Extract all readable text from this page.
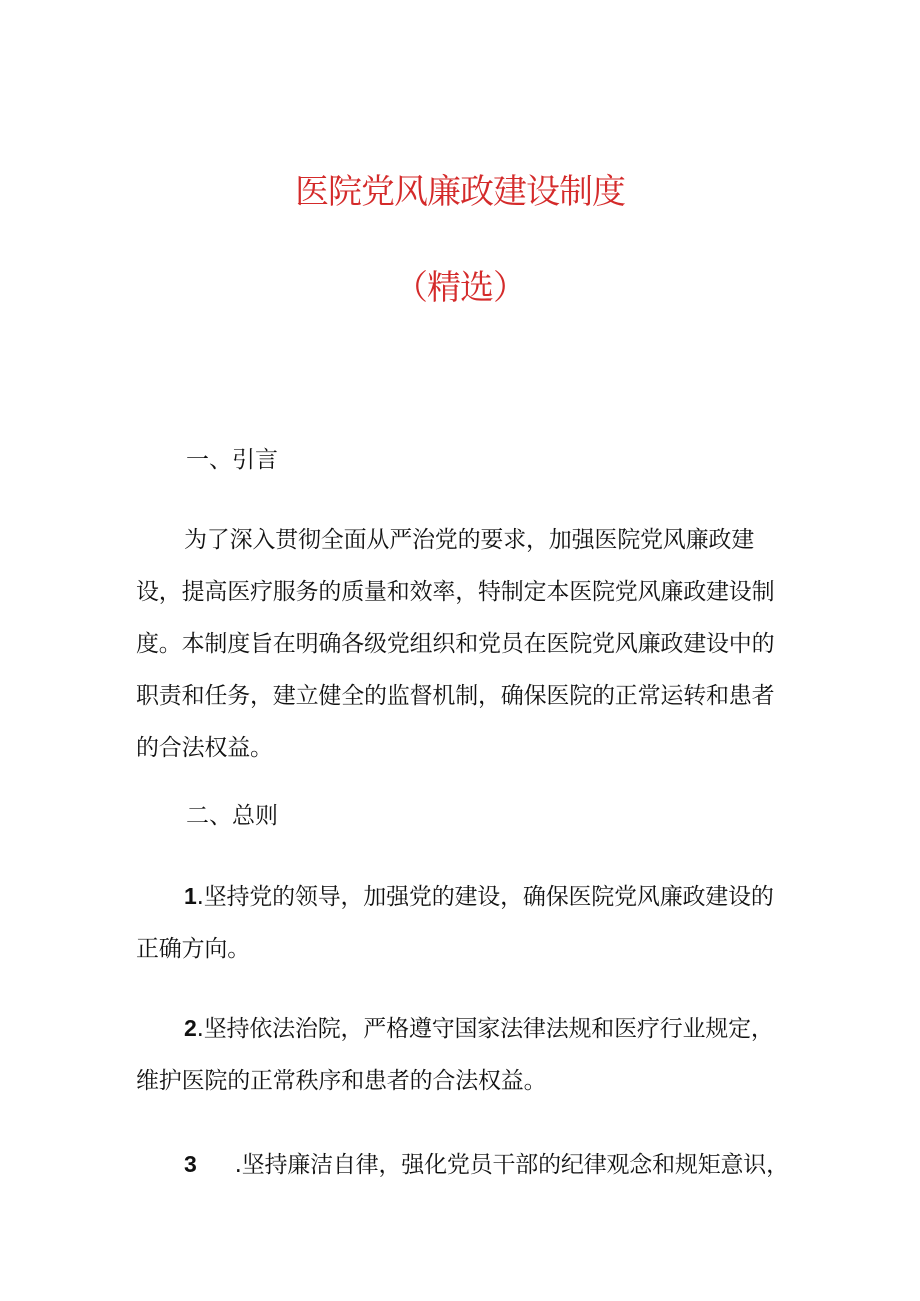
医院党风廉政建设制度
（精选）
一、引言
为了深入贯彻全面从严治党的要求，加强医院党风廉政建设，提高医疗服务的质量和效率，特制定本医院党风廉政建设制度。本制度旨在明确各级党组织和党员在医院党风廉政建设中的职责和任务，建立健全的监督机制，确保医院的正常运转和患者的合法权益。
二、总则
1.坚持党的领导，加强党的建设，确保医院党风廉政建设的正确方向。
2.坚持依法治院，严格遵守国家法律法规和医疗行业规定，维护医院的正常秩序和患者的合法权益。
3 .坚持廉洁自律，强化党员干部的纪律观念和规矩意识，
